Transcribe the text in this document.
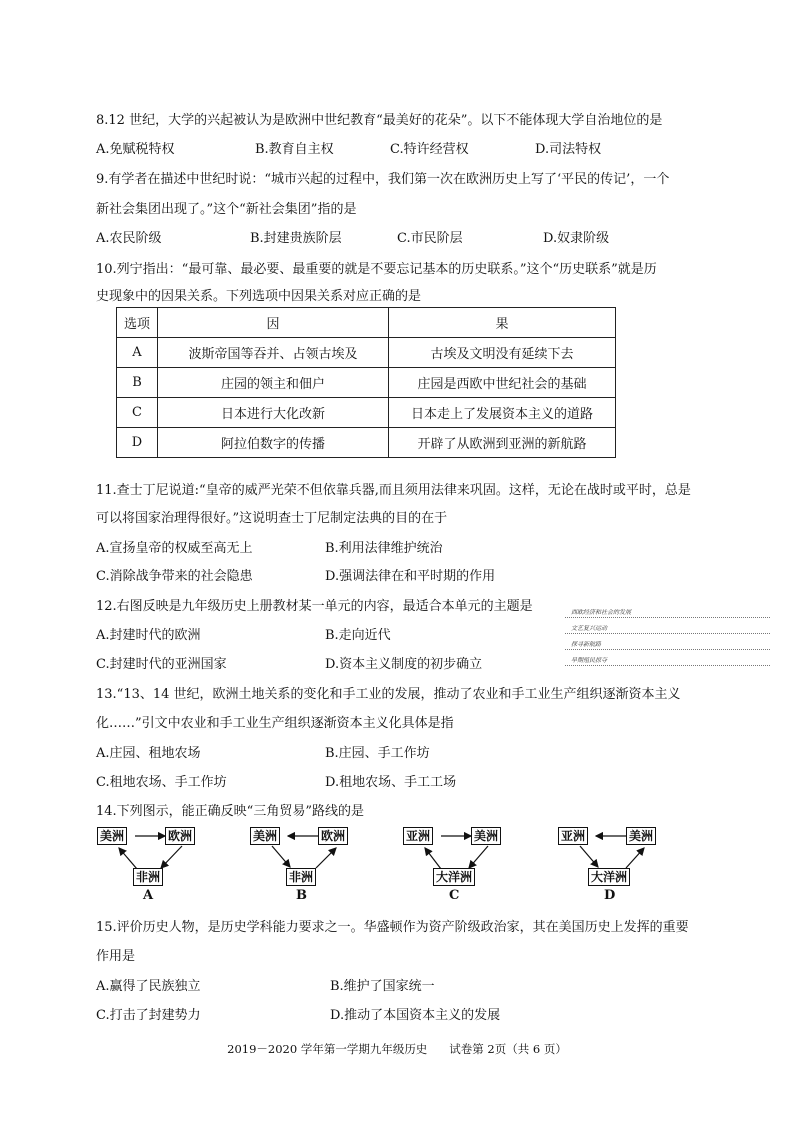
8.12 世纪，大学的兴起被认为是欧洲中世纪教育“最美好的花朵”。以下不能体现大学自治地位的是
A.免赋税特权	B.教育自主权	C.特许经营权	D.司法特权
9.有学者在描述中世纪时说：“城市兴起的过程中，我们第一次在欧洲历史上写了‘平民的传记’，一个
新社会集团出现了。”这个“新社会集团”指的是
A.农民阶级	B.封建贵族阶层	C.市民阶层	D.奴隶阶级
10.列宁指出：“最可靠、最必要、最重要的就是不要忘记基本的历史联系。”这个“历史联系”就是历
史现象中的因果关系。下列选项中因果关系对应正确的是
选项	因	果
A	波斯帝国等吞并、占领古埃及	古埃及文明没有延续下去
B	庄园的领主和佃户	庄园是西欧中世纪社会的基础
C	日本进行大化改新	日本走上了发展资本主义的道路
D	阿拉伯数字的传播	开辟了从欧洲到亚洲的新航路
11.查士丁尼说道:“皇帝的威严光荣不但依靠兵器,而且须用法律来巩固。这样，无论在战时或平时，总是
可以将国家治理得很好。”这说明查士丁尼制定法典的目的在于
A.宣扬皇帝的权威至高无上	B.利用法律维护统治
C.消除战争带来的社会隐患	D.强调法律在和平时期的作用
12.右图反映是九年级历史上册教材某一单元的内容，最适合本单元的主题是
A.封建时代的欧洲	B.走向近代
C.封建时代的亚洲国家	D.资本主义制度的初步确立
西欧经济和社会的发展
文艺复兴运动
探寻新航路
早期殖民掠夺
13.“13、14 世纪，欧洲土地关系的变化和手工业的发展，推动了农业和手工业生产组织逐渐资本主义
化……”引文中农业和手工业生产组织逐渐资本主义化具体是指
A.庄园、租地农场	B.庄园、手工作坊
C.租地农场、手工作坊	D.租地农场、手工工场
14.下列图示，能正确反映“三角贸易”路线的是
美洲	欧洲
非洲
A
美洲	欧洲
非洲
B
亚洲	美洲
大洋洲
C
亚洲	美洲
大洋洲
D
15.评价历史人物，是历史学科能力要求之一。华盛顿作为资产阶级政治家，其在美国历史上发挥的重要
作用是
A.赢得了民族独立	B.维护了国家统一
C.打击了封建势力	D.推动了本国资本主义的发展
2019－2020 学年第一学期九年级历史      试卷第 2页（共 6 页）
